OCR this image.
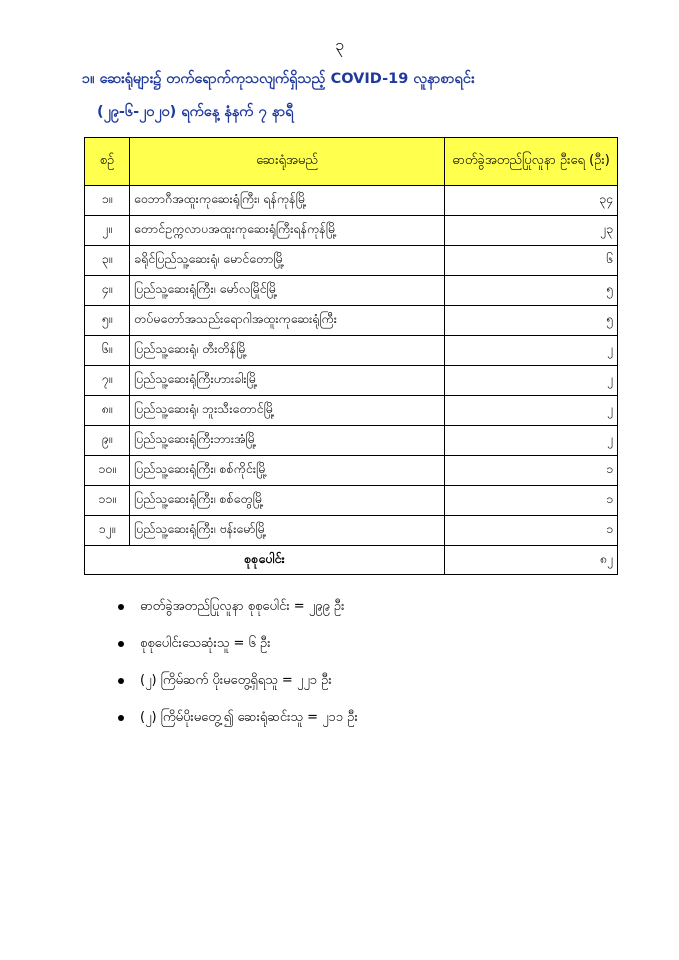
၃
၁။ ဆေးရုံများ၌ တက်ရောက်ကုသလျက်ရှိသည့် COVID-19 လူနာစာရင်း
(၂၉-၆-၂၀၂၀) ရက်နေ့ နံနက် ၇ နာရီ
စဉ်	ဆေးရုံအမည်	ဓာတ်ခွဲအတည်ပြုလူနာ ဦးရေ (ဦး)
၁။	ဝေဘာဂီအထူးကုဆေးရုံကြီး၊ ရန်ကုန်မြို့	၃၄
၂။	တောင်ဥက္ကလာပအထူးကုဆေးရုံကြီးရန်ကုန်မြို့	၂၃
၃။	ခရိုင်ပြည်သူ့ဆေးရုံ၊ မောင်တောမြို့	၆
၄။	ပြည်သူ့ဆေးရုံကြီး၊ မော်လမြိုင်မြို့	၅
၅။	တပ်မတော်အသည်းရောဂါအထူးကုဆေးရုံကြီး	၅
၆။	ပြည်သူ့ဆေးရုံ၊ တီးတိန်မြို့	၂
၇။	ပြည်သူ့ဆေးရုံကြီးဟားခါးမြို့	၂
၈။	ပြည်သူ့ဆေးရုံ၊ ဘူးသီးတောင်မြို့	၂
၉။	ပြည်သူ့ဆေးရုံကြီးဘားအံမြို့	၂
၁၀။	ပြည်သူ့ဆေးရုံကြီး၊ စစ်ကိုင်းမြို့	၁
၁၁။	ပြည်သူ့ဆေးရုံကြီး၊ စစ်တွေမြို့	၁
၁၂။	ပြည်သူ့ဆေးရုံကြီး၊ ဗန်းမော်မြို့	၁
စုစုပေါင်း		၈၂
ဓာတ်ခွဲအတည်ပြုလူနာ စုစုပေါင်း = ၂၉၉ ဦး
စုစုပေါင်းသေဆုံးသူ = ၆ ဦး
(၂) ကြိမ်ဆက် ပိုးမတွေ့ရှိရသူ = ၂၂၁ ဦး
(၂) ကြိမ်ပိုးမတွေ့၍ ဆေးရုံဆင်းသူ = ၂၁၁ ဦး
